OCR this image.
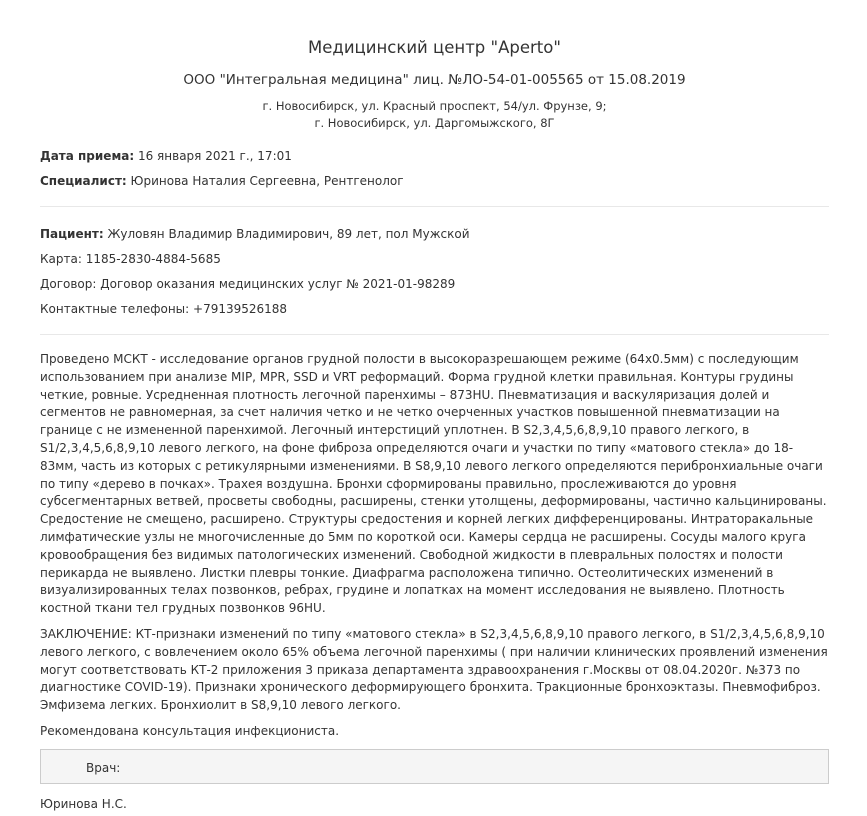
Медицинский центр "Aperto"
ООО "Интегральная медицина" лиц. №ЛО-54-01-005565 от 15.08.2019
г. Новосибирск, ул. Красный проспект, 54/ул. Фрунзе, 9;
г. Новосибирск, ул. Даргомыжского, 8Г
Дата приема: 16 января 2021 г., 17:01
Специалист: Юринова Наталия Сергеевна, Рентгенолог
Пациент: Жуловян Владимир Владимирович, 89 лет, пол Мужской
Карта: 1185-2830-4884-5685
Договор: Договор оказания медицинских услуг № 2021-01-98289
Контактные телефоны: +79139526188

Проведено МСКТ - исследование органов грудной полости в высокоразрешающем режиме (64х0.5мм) с последующим использованием при анализе MIP, MPR, SSD и VRT реформаций. Форма грудной клетки правильная. Контуры грудины четкие, ровные. Усредненная плотность легочной паренхимы – 873HU. Пневматизация и васкуляризация долей и сегментов не равномерная, за счет наличия четко и не четко очерченных участков повышенной пневматизации на границе с не измененной паренхимой. Легочный интерстиций уплотнен. В S2,3,4,5,6,8,9,10 правого легкого, в S1/2,3,4,5,6,8,9,10 левого легкого, на фоне фиброза определяются очаги и участки по типу «матового стекла» до 18-83мм, часть из которых с ретикулярными изменениями. В S8,9,10 левого легкого определяются перибронхиальные очаги по типу «дерево в почках». Трахея воздушна. Бронхи сформированы правильно, прослеживаются до уровня субсегментарных ветвей, просветы свободны, расширены, стенки утолщены, деформированы, частично кальцинированы. Средостение не смещено, расширено. Структуры средостения и корней легких дифференцированы. Интраторакальные лимфатические узлы не многочисленные до 5мм по короткой оси. Камеры сердца не расширены. Сосуды малого круга кровообращения без видимых патологических изменений. Свободной жидкости в плевральных полостях и полости перикарда не выявлено. Листки плевры тонкие. Диафрагма расположена типично. Остеолитических изменений в визуализированных телах позвонков, ребрах, грудине и лопатках на момент исследования не выявлено. Плотность костной ткани тел грудных позвонков 96HU.

ЗАКЛЮЧЕНИЕ: КТ-признаки изменений по типу «матового стекла» в S2,3,4,5,6,8,9,10 правого легкого, в S1/2,3,4,5,6,8,9,10 левого легкого, с вовлечением около 65% объема легочной паренхимы ( при наличии клинических проявлений изменения могут соответствовать КТ-2 приложения 3 приказа департамента здравоохранения г.Москвы от 08.04.2020г. №373 по диагностике COVID-19). Признаки хронического деформирующего бронхита. Тракционные бронхоэктазы. Пневмофиброз. Эмфизема легких. Бронхиолит в S8,9,10 левого легкого.

Рекомендована консультация инфекциониста.

Врач:
Юринова Н.С.
